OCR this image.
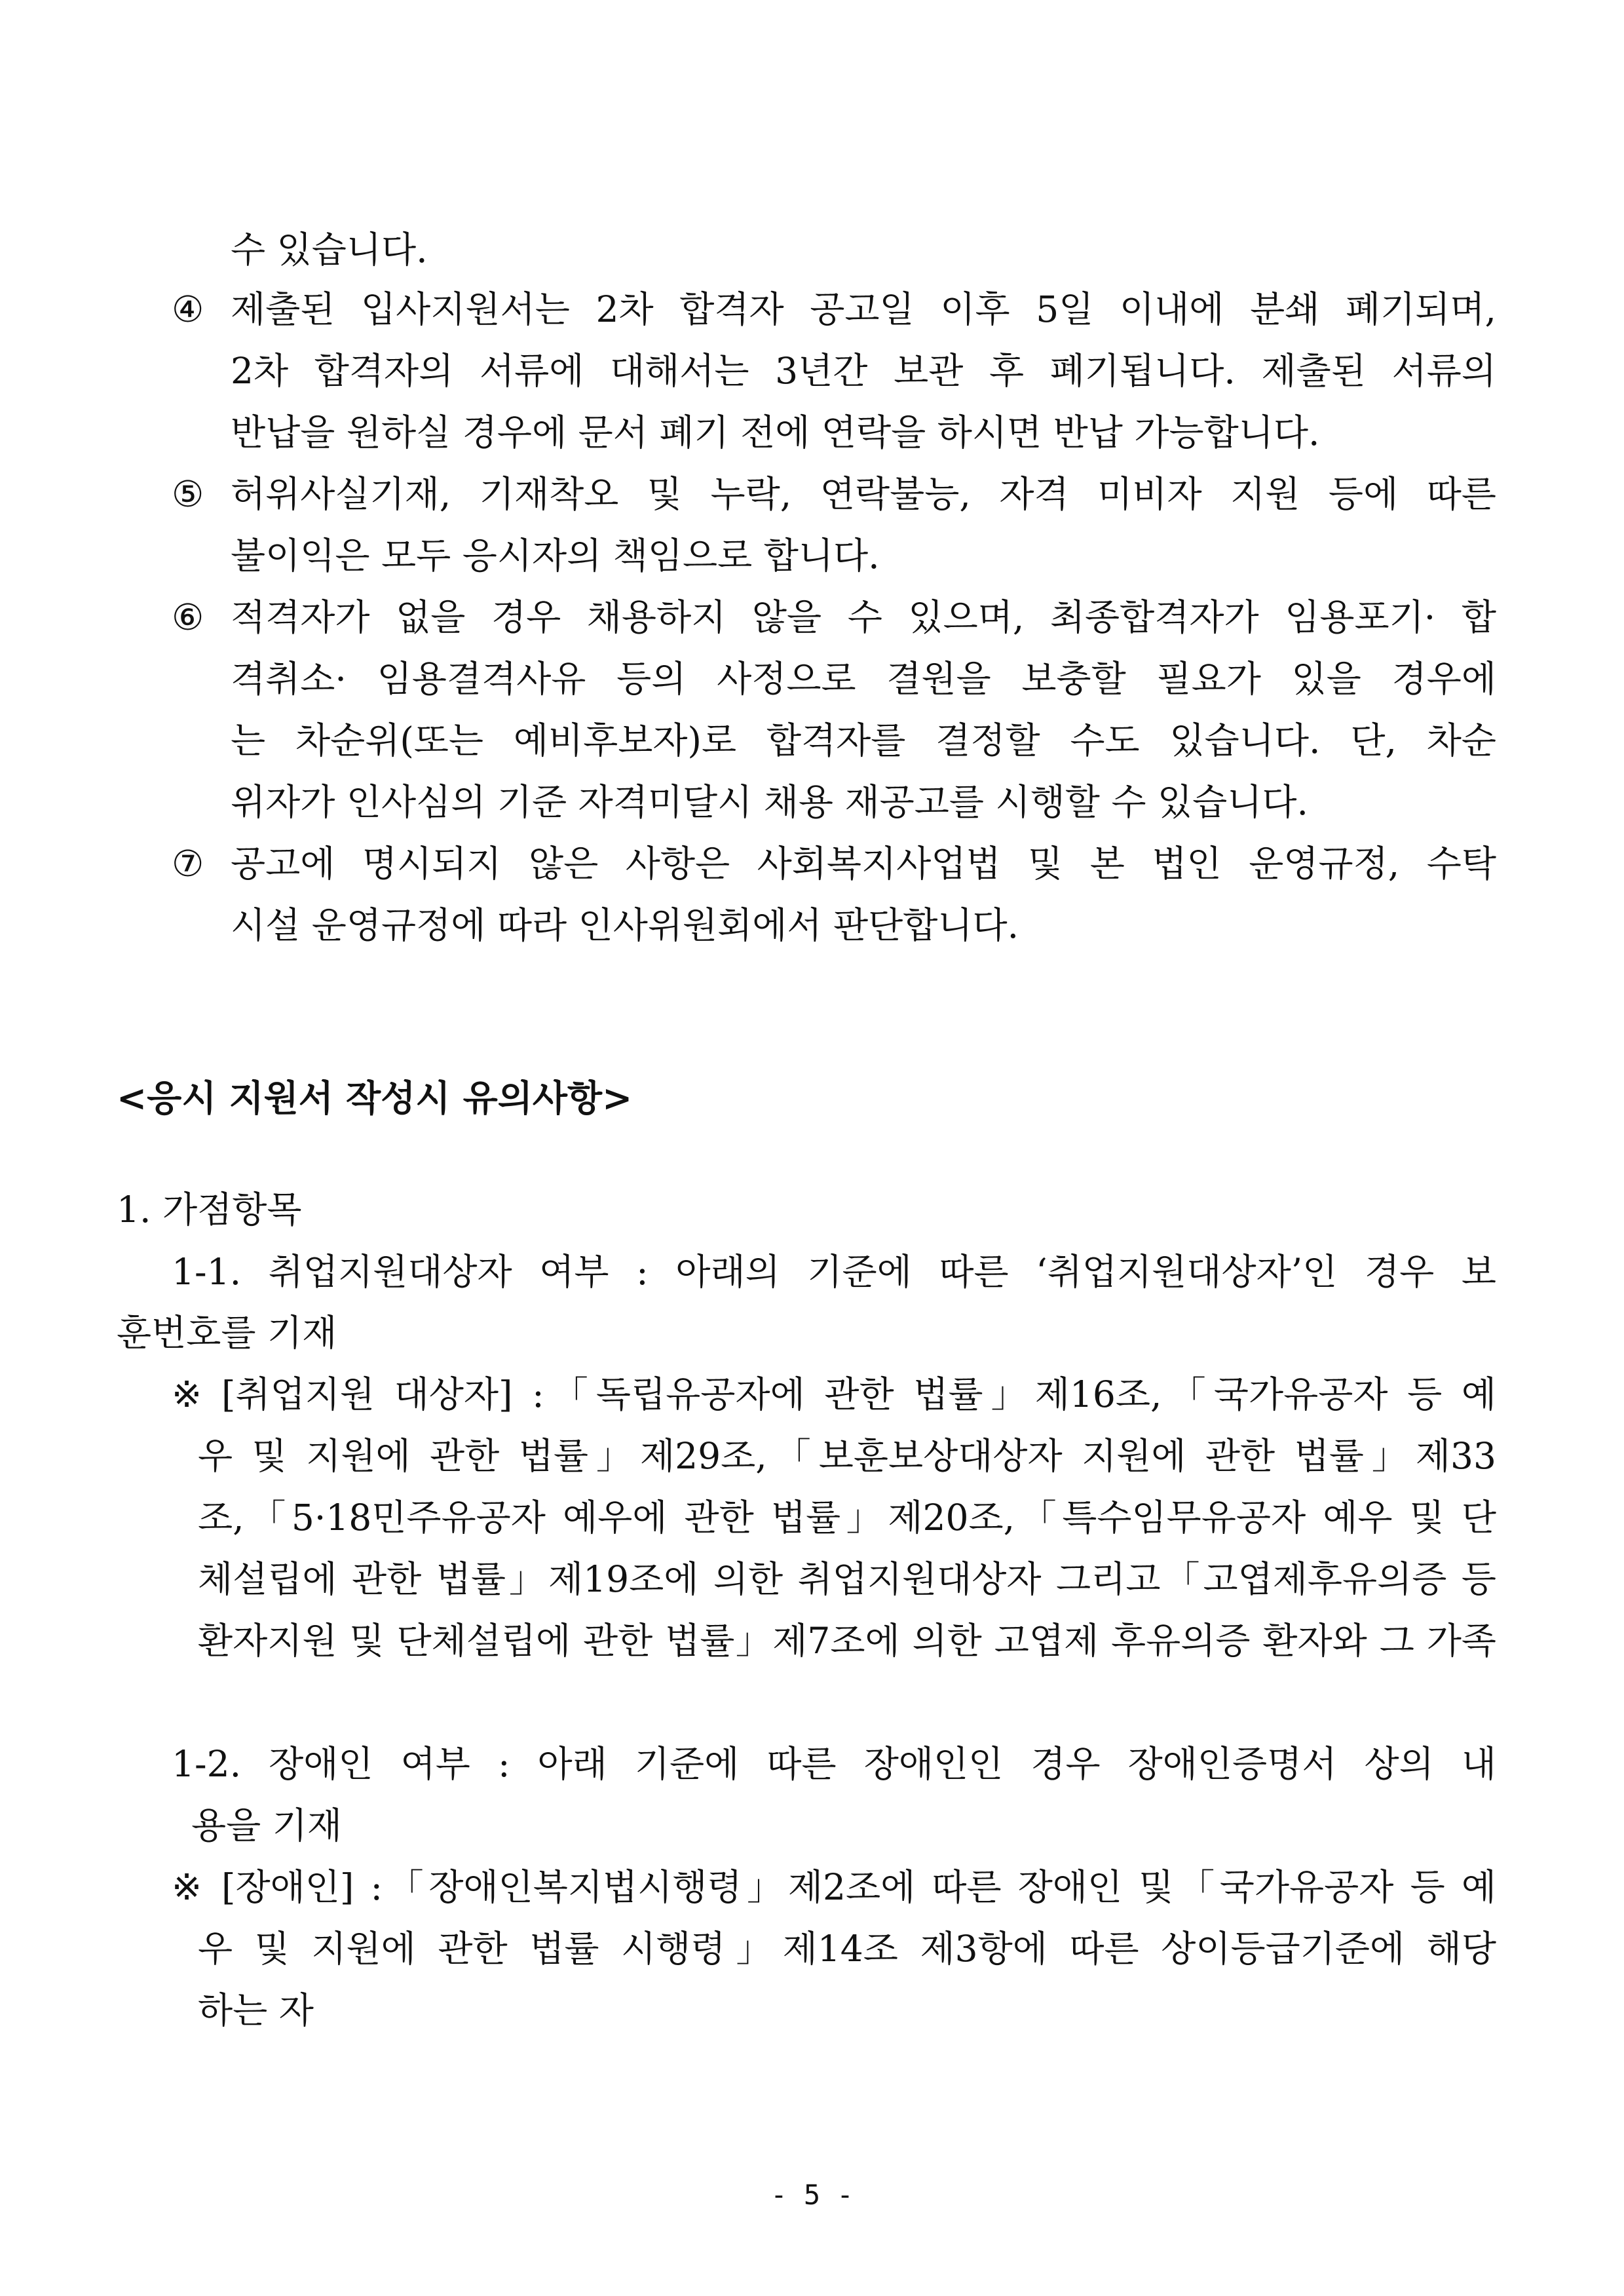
수 있습니다.
④ 제출된 입사지원서는 2차 합격자 공고일 이후 5일 이내에 분쇄 폐기되며,
2차 합격자의 서류에 대해서는 3년간 보관 후 폐기됩니다. 제출된 서류의
반납을 원하실 경우에 문서 폐기 전에 연락을 하시면 반납 가능합니다.
⑤ 허위사실기재, 기재착오 및 누락, 연락불능, 자격 미비자 지원 등에 따른
불이익은 모두 응시자의 책임으로 합니다.
⑥ 적격자가 없을 경우 채용하지 않을 수 있으며, 최종합격자가 임용포기· 합
격취소· 임용결격사유 등의 사정으로 결원을 보충할 필요가 있을 경우에
는 차순위(또는 예비후보자)로 합격자를 결정할 수도 있습니다. 단, 차순
위자가 인사심의 기준 자격미달시 채용 재공고를 시행할 수 있습니다.
⑦ 공고에 명시되지 않은 사항은 사회복지사업법 및 본 법인 운영규정, 수탁
시설 운영규정에 따라 인사위원회에서 판단합니다.
<응시 지원서 작성시 유의사항>
1. 가점항목
1-1. 취업지원대상자 여부 : 아래의 기준에 따른 ‘취업지원대상자’인 경우 보
훈번호를 기재
※ [취업지원 대상자] :「독립유공자에 관한 법률」제16조,「국가유공자 등 예
우 및 지원에 관한 법률」제29조,「보훈보상대상자 지원에 관한 법률」제33
조,「5·18민주유공자 예우에 관한 법률」제20조,「특수임무유공자 예우 및 단
체설립에 관한 법률」제19조에 의한 취업지원대상자 그리고「고엽제후유의증 등
환자지원 및 단체설립에 관한 법률」제7조에 의한 고엽제 후유의증 환자와 그 가족
1-2. 장애인 여부 : 아래 기준에 따른 장애인인 경우 장애인증명서 상의 내
용을 기재
※ [장애인] :「장애인복지법시행령」제2조에 따른 장애인 및「국가유공자 등 예
우 및 지원에 관한 법률 시행령」제14조 제3항에 따른 상이등급기준에 해당
하는 자
- 5 -
